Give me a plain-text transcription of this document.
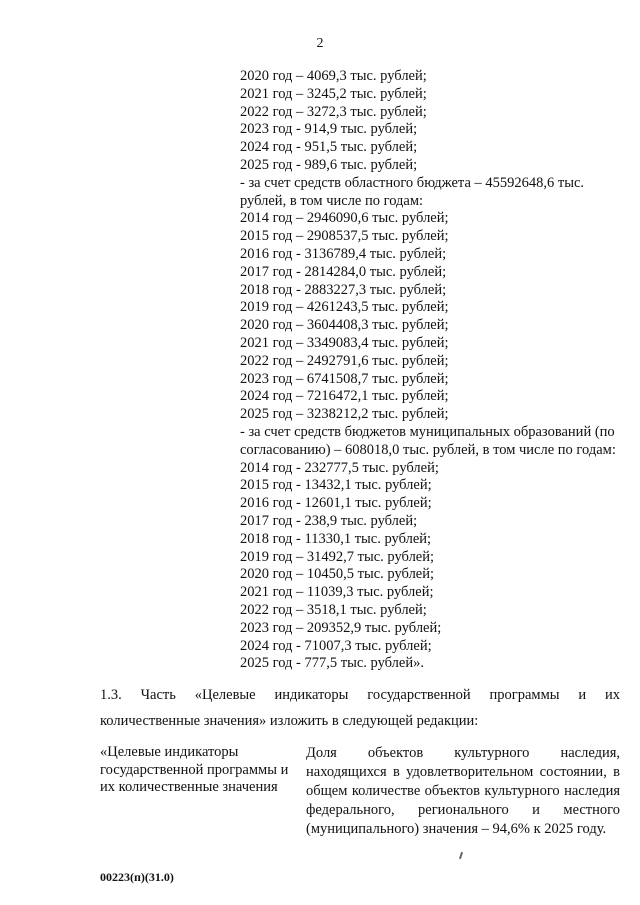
2
2020 год – 4069,3 тыс. рублей;
2021 год – 3245,2 тыс. рублей;
2022 год – 3272,3 тыс. рублей;
2023 год - 914,9 тыс. рублей;
2024 год - 951,5 тыс. рублей;
2025 год - 989,6 тыс. рублей;
- за счет средств областного бюджета – 45592648,6 тыс. рублей, в том числе по годам:
2014 год – 2946090,6 тыс. рублей;
2015 год – 2908537,5 тыс. рублей;
2016 год - 3136789,4 тыс. рублей;
2017 год - 2814284,0 тыс. рублей;
2018 год - 2883227,3 тыс. рублей;
2019 год – 4261243,5 тыс. рублей;
2020 год – 3604408,3 тыс. рублей;
2021 год – 3349083,4 тыс. рублей;
2022 год – 2492791,6 тыс. рублей;
2023 год – 6741508,7 тыс. рублей;
2024 год – 7216472,1 тыс. рублей;
2025 год – 3238212,2 тыс. рублей;
- за счет средств бюджетов муниципальных образований (по согласованию) – 608018,0 тыс. рублей, в том числе по годам:
2014 год - 232777,5 тыс. рублей;
2015 год - 13432,1 тыс. рублей;
2016 год - 12601,1 тыс. рублей;
2017 год - 238,9 тыс. рублей;
2018 год - 11330,1 тыс. рублей;
2019 год – 31492,7 тыс. рублей;
2020 год – 10450,5 тыс. рублей;
2021 год – 11039,3 тыс. рублей;
2022 год – 3518,1 тыс. рублей;
2023 год – 209352,9 тыс. рублей;
2024 год - 71007,3 тыс. рублей;
2025 год - 777,5 тыс. рублей».
1.3. Часть «Целевые индикаторы государственной программы и их
количественные значения» изложить в следующей редакции:
«Целевые индикаторы государственной программы и их количественные значения
Доля объектов культурного наследия, находящихся в удовлетворительном состоянии, в общем количестве объектов культурного наследия федерального, регионального и местного (муниципального) значения – 94,6% к 2025 году.
00223(п)(31.0)
